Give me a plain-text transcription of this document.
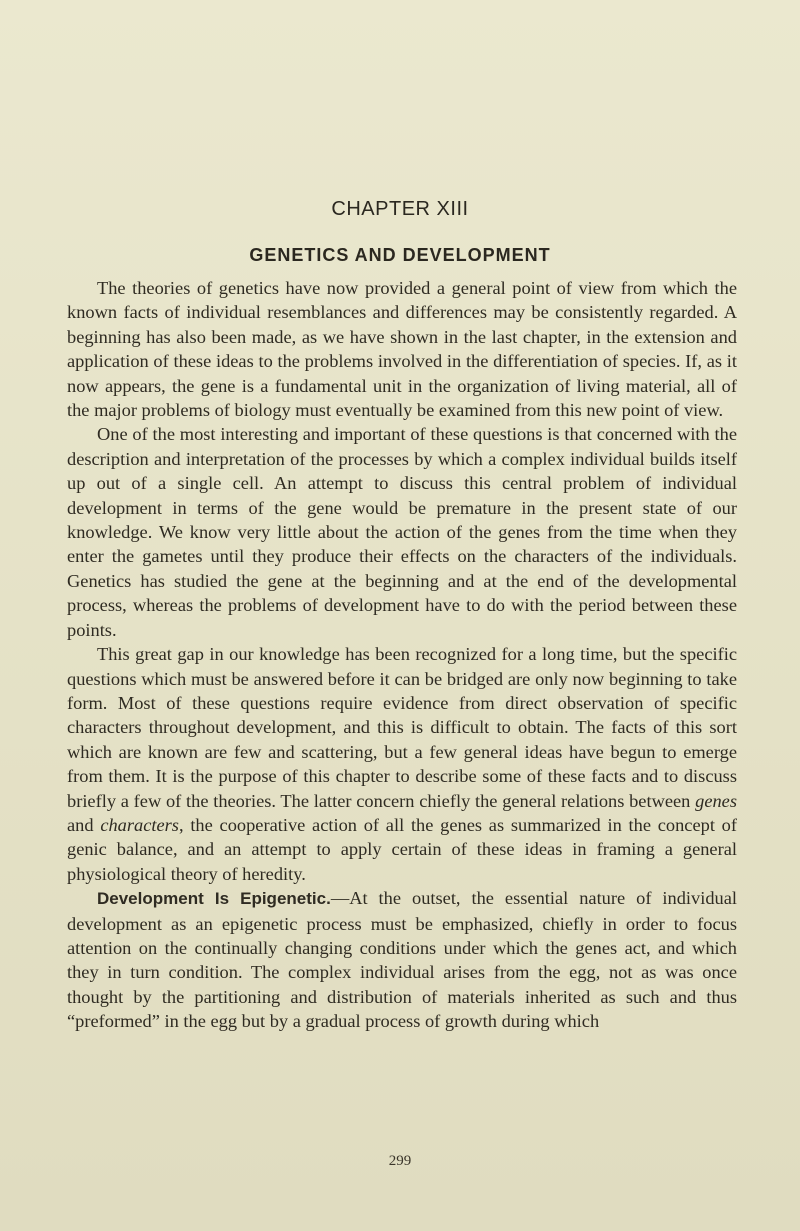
CHAPTER XIII
GENETICS AND DEVELOPMENT

The theories of genetics have now provided a general point of view from which the known facts of individual resemblances and differences may be consistently regarded. A beginning has also been made, as we have shown in the last chapter, in the extension and application of these ideas to the problems involved in the differentiation of species. If, as it now appears, the gene is a fundamental unit in the organization of living material, all of the major problems of biology must eventually be examined from this new point of view.

One of the most interesting and important of these questions is that concerned with the description and interpretation of the processes by which a complex individual builds itself up out of a single cell. An attempt to discuss this central problem of individual development in terms of the gene would be premature in the present state of our knowledge. We know very little about the action of the genes from the time when they enter the gametes until they produce their effects on the characters of the individuals. Genetics has studied the gene at the beginning and at the end of the developmental process, whereas the problems of development have to do with the period between these points.

This great gap in our knowledge has been recognized for a long time, but the specific questions which must be answered before it can be bridged are only now beginning to take form. Most of these questions require evidence from direct observation of specific characters throughout development, and this is difficult to obtain. The facts of this sort which are known are few and scattering, but a few general ideas have begun to emerge from them. It is the purpose of this chapter to describe some of these facts and to discuss briefly a few of the theories. The latter concern chiefly the general relations between genes and characters, the cooperative action of all the genes as summarized in the concept of genic balance, and an attempt to apply certain of these ideas in framing a general physiological theory of heredity.

Development Is Epigenetic.—At the outset, the essential nature of individual development as an epigenetic process must be emphasized, chiefly in order to focus attention on the continually changing conditions under which the genes act, and which they in turn condition. The complex individual arises from the egg, not as was once thought by the partitioning and distribution of materials inherited as such and thus “preformed” in the egg but by a gradual process of growth during which

299
